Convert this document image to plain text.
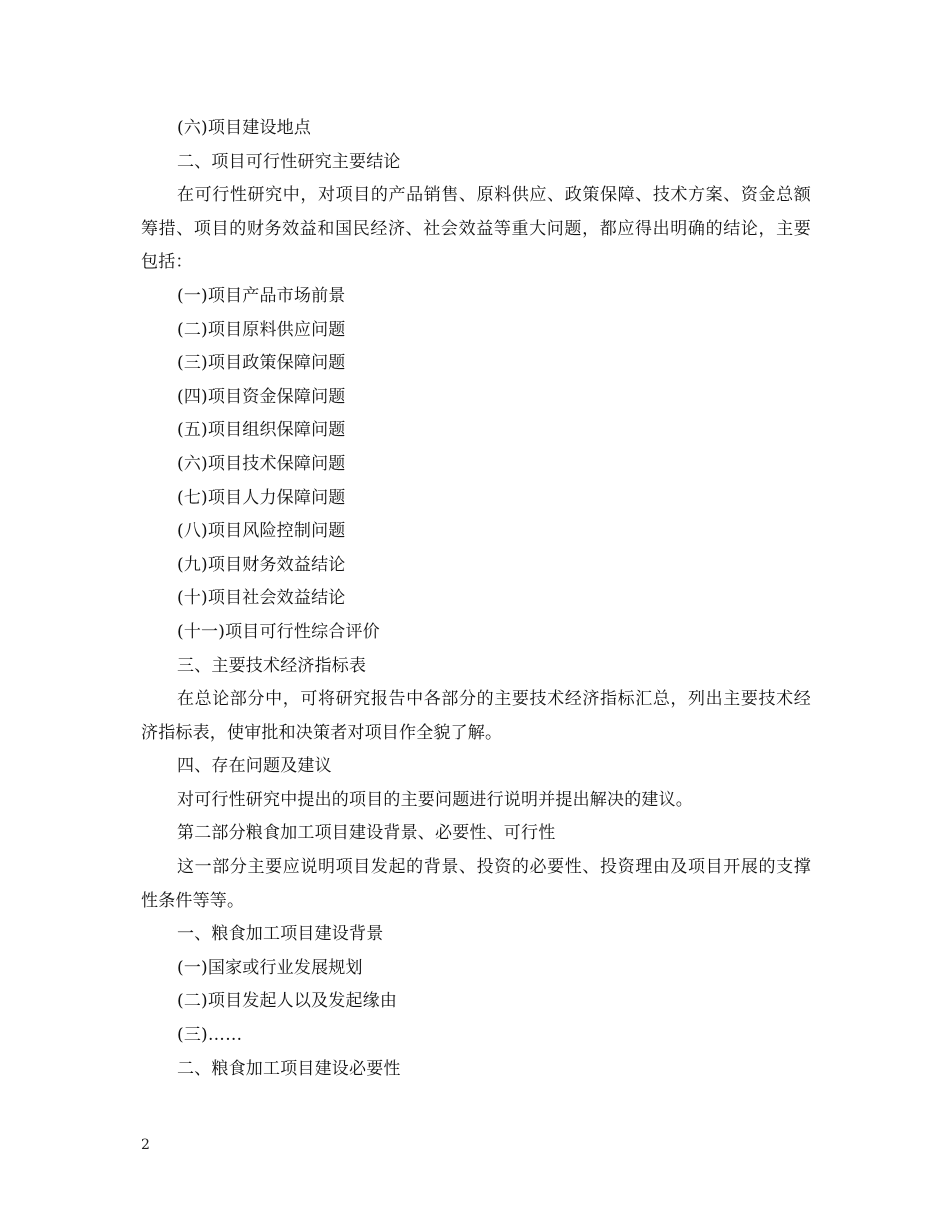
(六)项目建设地点

二、项目可行性研究主要结论

在可行性研究中，对项目的产品销售、原料供应、政策保障、技术方案、资金总额筹措、项目的财务效益和国民经济、社会效益等重大问题，都应得出明确的结论，主要包括：

(一)项目产品市场前景

(二)项目原料供应问题

(三)项目政策保障问题

(四)项目资金保障问题

(五)项目组织保障问题

(六)项目技术保障问题

(七)项目人力保障问题

(八)项目风险控制问题

(九)项目财务效益结论

(十)项目社会效益结论

(十一)项目可行性综合评价

三、主要技术经济指标表

在总论部分中，可将研究报告中各部分的主要技术经济指标汇总，列出主要技术经济指标表，使审批和决策者对项目作全貌了解。

四、存在问题及建议

对可行性研究中提出的项目的主要问题进行说明并提出解决的建议。

第二部分粮食加工项目建设背景、必要性、可行性

这一部分主要应说明项目发起的背景、投资的必要性、投资理由及项目开展的支撑性条件等等。

一、粮食加工项目建设背景

(一)国家或行业发展规划

(二)项目发起人以及发起缘由

(三)……

二、粮食加工项目建设必要性

2
